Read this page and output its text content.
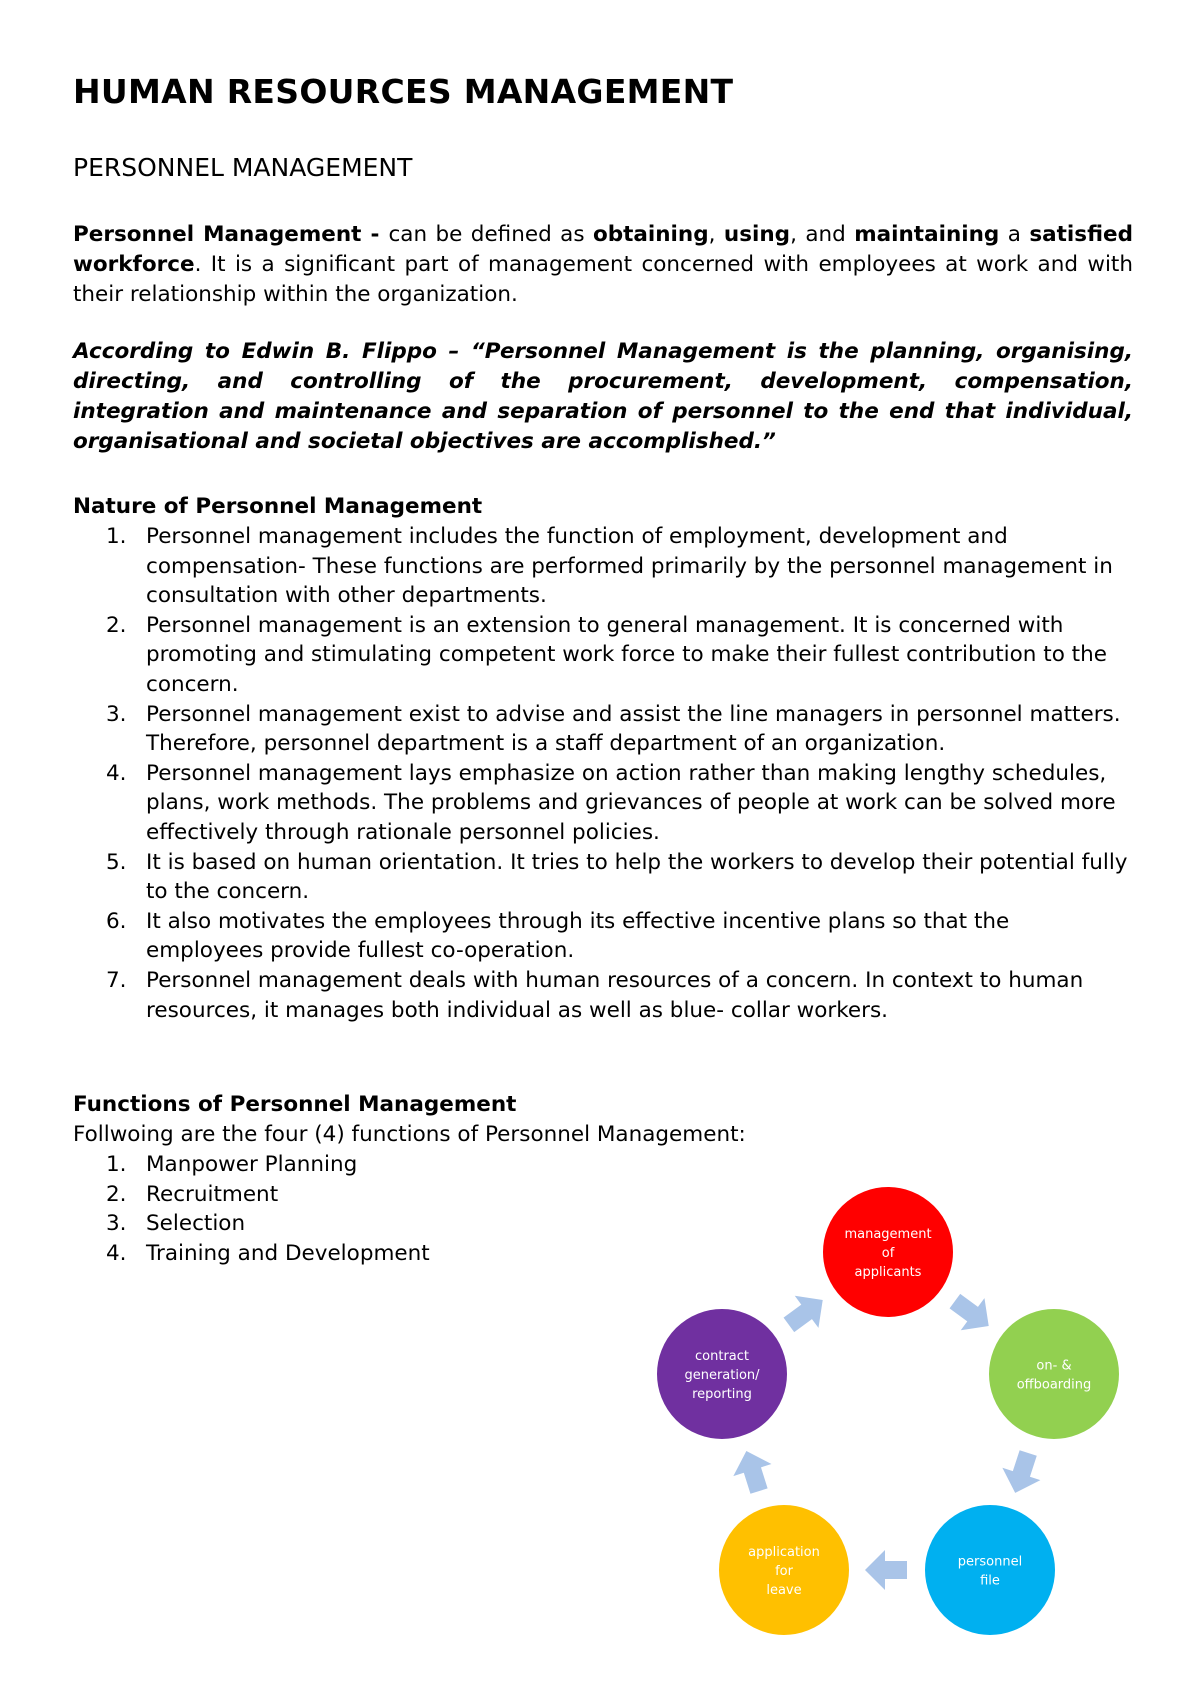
HUMAN RESOURCES MANAGEMENT
PERSONNEL MANAGEMENT

Personnel Management - can be defined as obtaining, using, and maintaining a satisfied workforce. It is a significant part of management concerned with employees at work and with their relationship within the organization.

According to Edwin B. Flippo – “Personnel Management is the planning, organising, directing, and controlling of the procurement, development, compensation, integration and maintenance and separation of personnel to the end that individual, organisational and societal objectives are accomplished.”

Nature of Personnel Management
1. Personnel management includes the function of employment, development and compensation- These functions are performed primarily by the personnel management in consultation with other departments.
2. Personnel management is an extension to general management. It is concerned with promoting and stimulating competent work force to make their fullest contribution to the concern.
3. Personnel management exist to advise and assist the line managers in personnel matters. Therefore, personnel department is a staff department of an organization.
4. Personnel management lays emphasize on action rather than making lengthy schedules, plans, work methods. The problems and grievances of people at work can be solved more effectively through rationale personnel policies.
5. It is based on human orientation. It tries to help the workers to develop their potential fully to the concern.
6. It also motivates the employees through its effective incentive plans so that the employees provide fullest co-operation.
7. Personnel management deals with human resources of a concern. In context to human resources, it manages both individual as well as blue- collar workers.
Functions of Personnel Management

Follwoing are the four (4) functions of Personnel Management:

1. Manpower Planning
2. Recruitment
3. Selection
4. Training and Development
management
of
applicants
on- &
offboarding
personnel
file
application
for
leave
contract
generation/
reporting
